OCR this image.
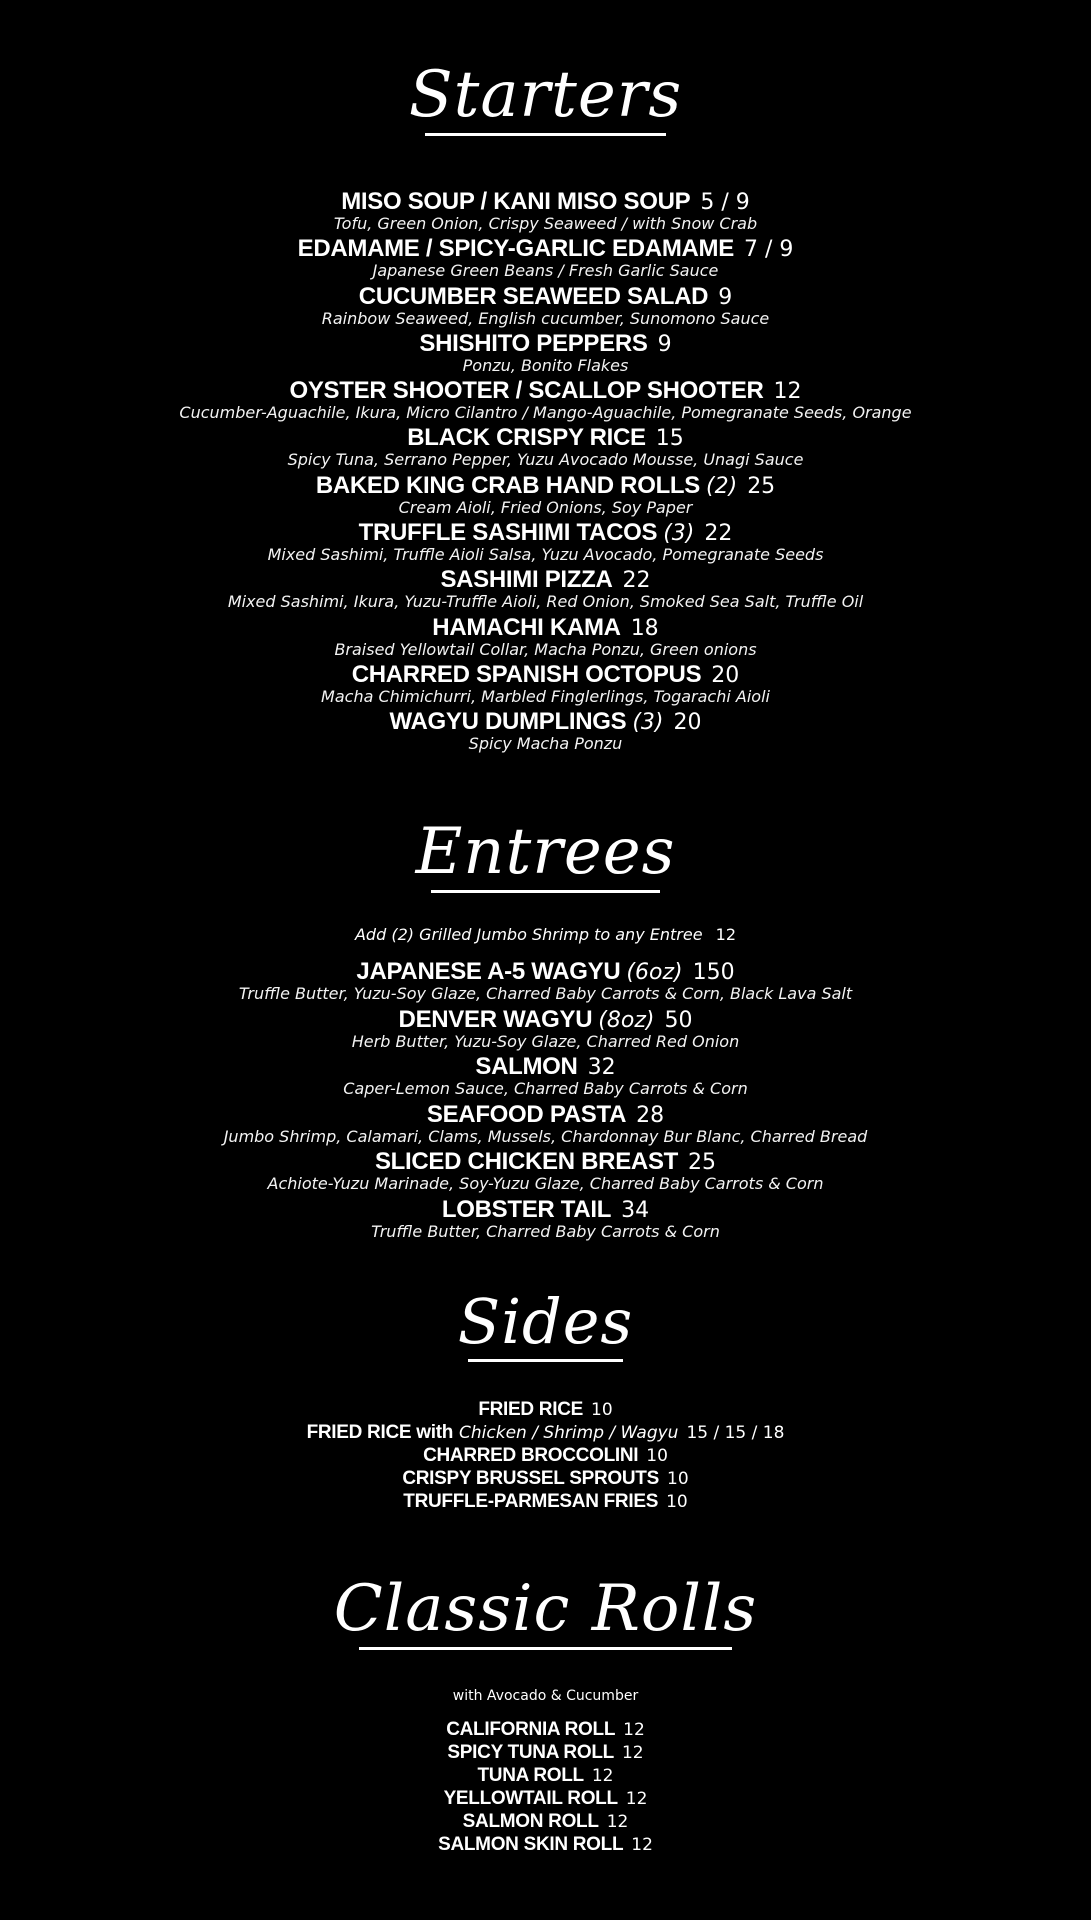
Starters
MISO SOUP / KANI MISO SOUP 5 / 9
Tofu, Green Onion, Crispy Seaweed / with Snow Crab
EDAMAME / SPICY-GARLIC EDAMAME 7 / 9
Japanese Green Beans / Fresh Garlic Sauce
CUCUMBER SEAWEED SALAD 9
Rainbow Seaweed, English cucumber, Sunomono Sauce
SHISHITO PEPPERS 9
Ponzu, Bonito Flakes
OYSTER SHOOTER / SCALLOP SHOOTER 12
Cucumber-Aguachile, Ikura, Micro Cilantro / Mango-Aguachile, Pomegranate Seeds, Orange
BLACK CRISPY RICE 15
Spicy Tuna, Serrano Pepper, Yuzu Avocado Mousse, Unagi Sauce
BAKED KING CRAB HAND ROLLS (2) 25
Cream Aioli, Fried Onions, Soy Paper
TRUFFLE SASHIMI TACOS (3) 22
Mixed Sashimi, Truffle Aioli Salsa, Yuzu Avocado, Pomegranate Seeds
SASHIMI PIZZA 22
Mixed Sashimi, Ikura, Yuzu-Truffle Aioli, Red Onion, Smoked Sea Salt, Truffle Oil
HAMACHI KAMA 18
Braised Yellowtail Collar, Macha Ponzu, Green onions
CHARRED SPANISH OCTOPUS 20
Macha Chimichurri, Marbled Finglerlings, Togarachi Aioli
WAGYU DUMPLINGS (3) 20
Spicy Macha Ponzu
Entrees
Add (2) Grilled Jumbo Shrimp to any Entree 12
JAPANESE A-5 WAGYU (6oz) 150
Truffle Butter, Yuzu-Soy Glaze, Charred Baby Carrots & Corn, Black Lava Salt
DENVER WAGYU (8oz) 50
Herb Butter, Yuzu-Soy Glaze, Charred Red Onion
SALMON 32
Caper-Lemon Sauce, Charred Baby Carrots & Corn
SEAFOOD PASTA 28
Jumbo Shrimp, Calamari, Clams, Mussels, Chardonnay Bur Blanc, Charred Bread
SLICED CHICKEN BREAST 25
Achiote-Yuzu Marinade, Soy-Yuzu Glaze, Charred Baby Carrots & Corn
LOBSTER TAIL 34
Truffle Butter, Charred Baby Carrots & Corn
Sides
FRIED RICE 10
FRIED RICE with Chicken / Shrimp / Wagyu 15 / 15 / 18
CHARRED BROCCOLINI 10
CRISPY BRUSSEL SPROUTS 10
TRUFFLE-PARMESAN FRIES 10
Classic Rolls
with Avocado & Cucumber
CALIFORNIA ROLL 12
SPICY TUNA ROLL 12
TUNA ROLL 12
YELLOWTAIL ROLL 12
SALMON ROLL 12
SALMON SKIN ROLL 12
